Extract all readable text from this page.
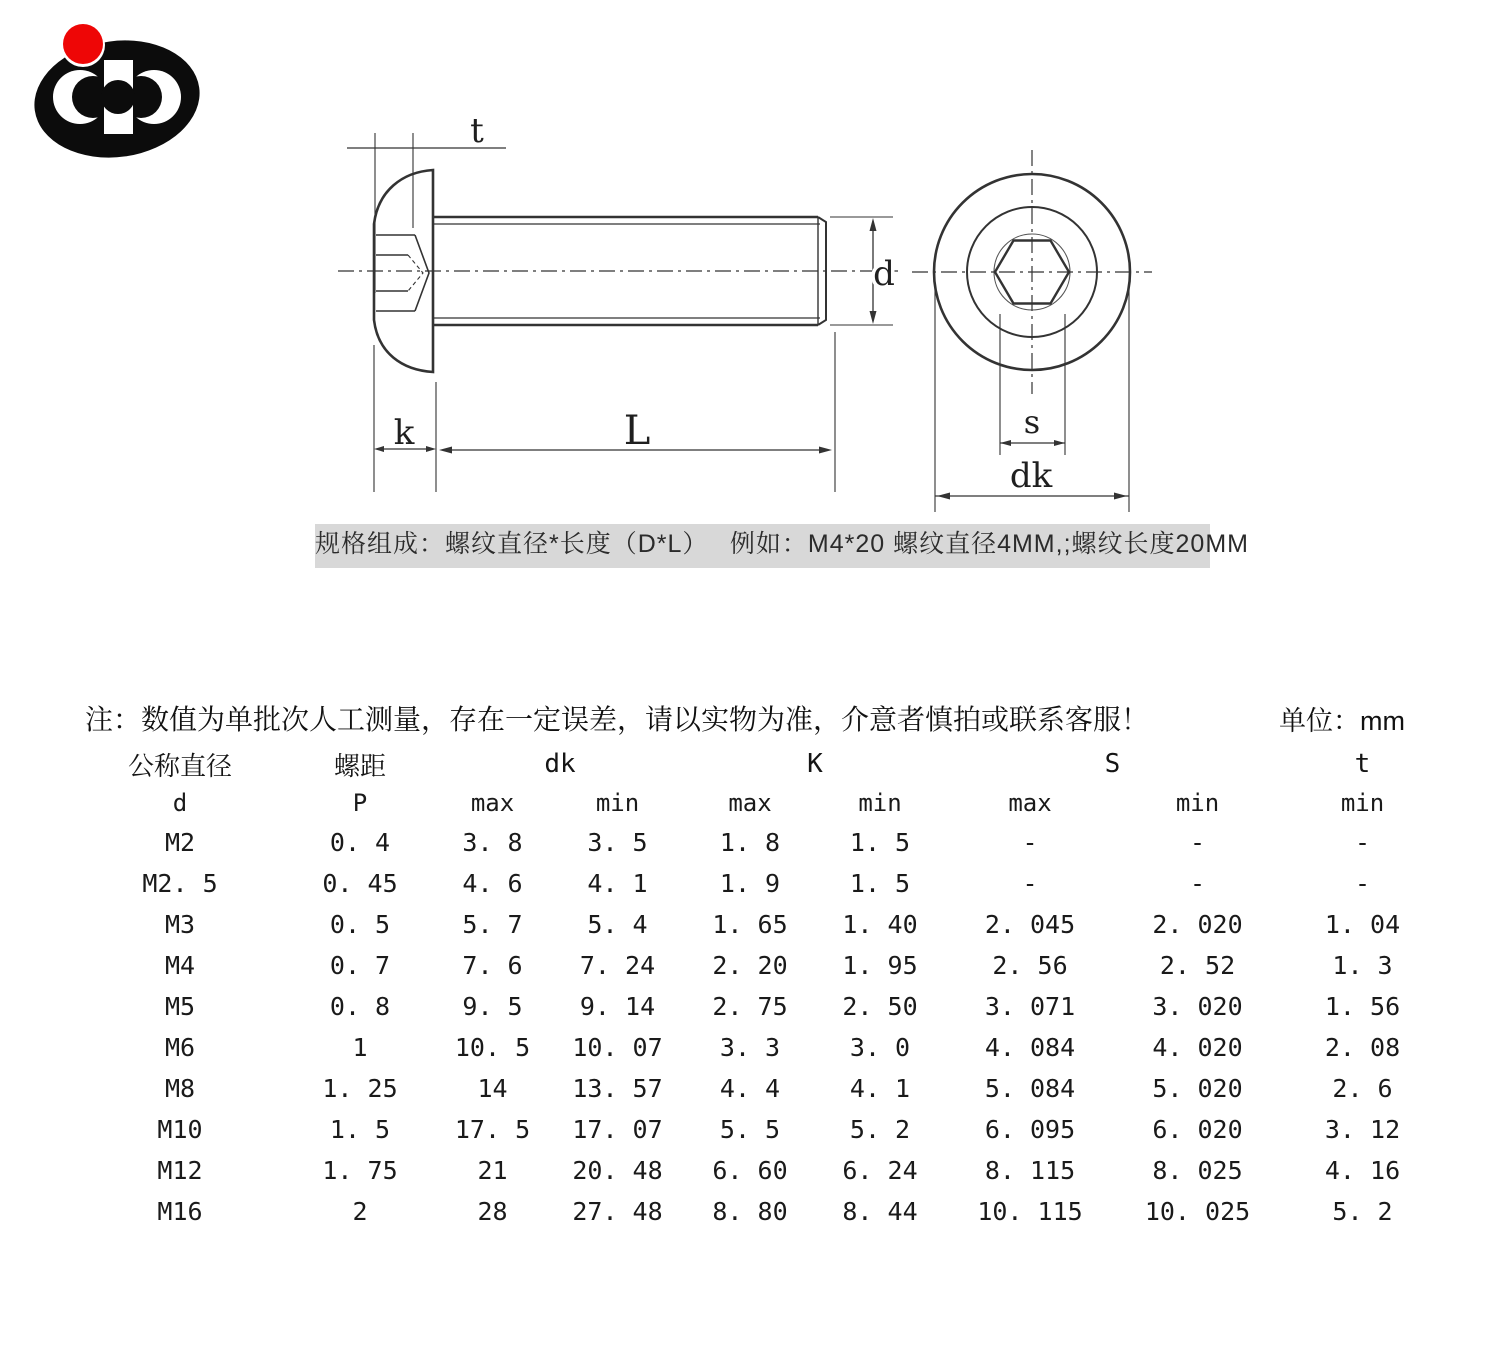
t
k	L
d
s
dk
规格组成：螺纹直径*长度（D*L）　 例如：M4*20 螺纹直径4MM,;螺纹长度20MM
注：数值为单批次人工测量，存在一定误差，请以实物为准，介意者慎拍或联系客服！	单位：mm
公称直径	螺距	dk	K	S	t
d	P	max	min	max	min	max	min	min
M2	0. 4	3. 8	3. 5	1. 8	1. 5	-	-	-
M2. 5	0. 45	4. 6	4. 1	1. 9	1. 5	-	-	-
M3	0. 5	5. 7	5. 4	1. 65	1. 40	2. 045	2. 020	1. 04
M4	0. 7	7. 6	7. 24	2. 20	1. 95	2. 56	2. 52	1. 3
M5	0. 8	9. 5	9. 14	2. 75	2. 50	3. 071	3. 020	1. 56
M6	1	10. 5	10. 07	3. 3	3. 0	4. 084	4. 020	2. 08
M8	1. 25	14	13. 57	4. 4	4. 1	5. 084	5. 020	2. 6
M10	1. 5	17. 5	17. 07	5. 5	5. 2	6. 095	6. 020	3. 12
M12	1. 75	21	20. 48	6. 60	6. 24	8. 115	8. 025	4. 16
M16	2	28	27. 48	8. 80	8. 44	10. 115	10. 025	5. 2
